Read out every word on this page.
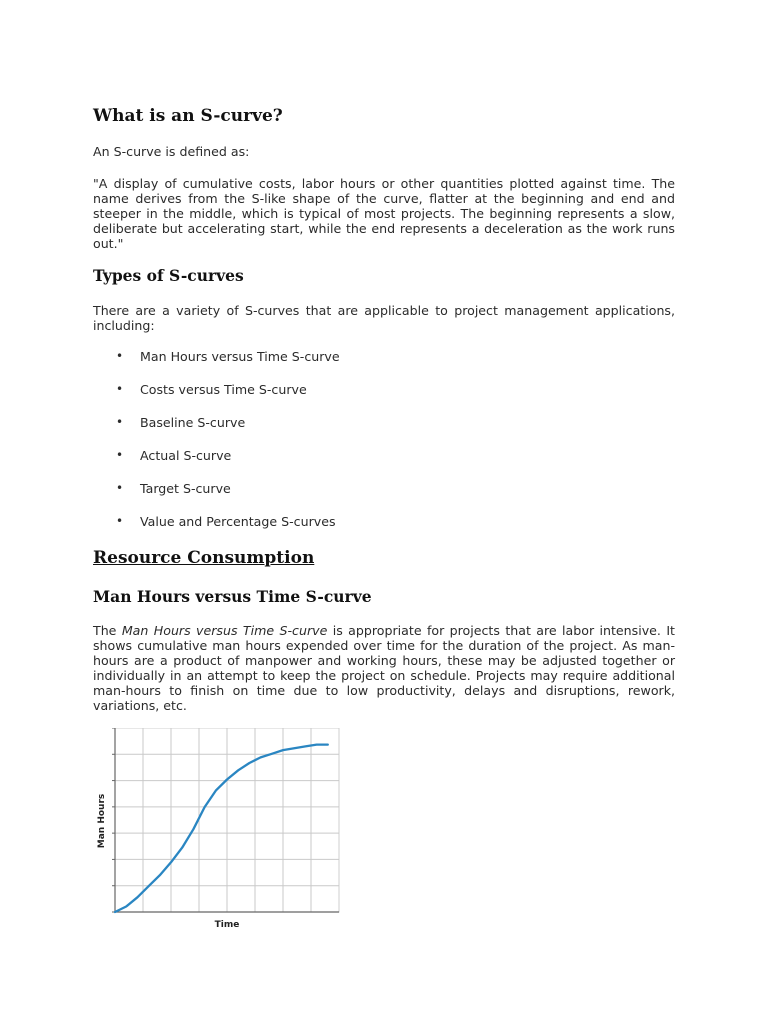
What is an S-curve?

An S-curve is defined as:

"A display of cumulative costs, labor hours or other quantities plotted against time. The name derives from the S-like shape of the curve, flatter at the beginning and end and steeper in the middle, which is typical of most projects. The beginning represents a slow, deliberate but accelerating start, while the end represents a deceleration as the work runs out."

Types of S-curves

There are a variety of S-curves that are applicable to project management applications, including:

• Man Hours versus Time S-curve
• Costs versus Time S-curve
• Baseline S-curve
• Actual S-curve
• Target S-curve
• Value and Percentage S-curves
Resource Consumption
Man Hours versus Time S-curve

The Man Hours versus Time S-curve is appropriate for projects that are labor intensive. It shows cumulative man hours expended over time for the duration of the project. As man-hours are a product of manpower and working hours, these may be adjusted together or individually in an attempt to keep the project on schedule. Projects may require additional man-hours to finish on time due to low productivity, delays and disruptions, rework, variations, etc.

Time
Man Hours
